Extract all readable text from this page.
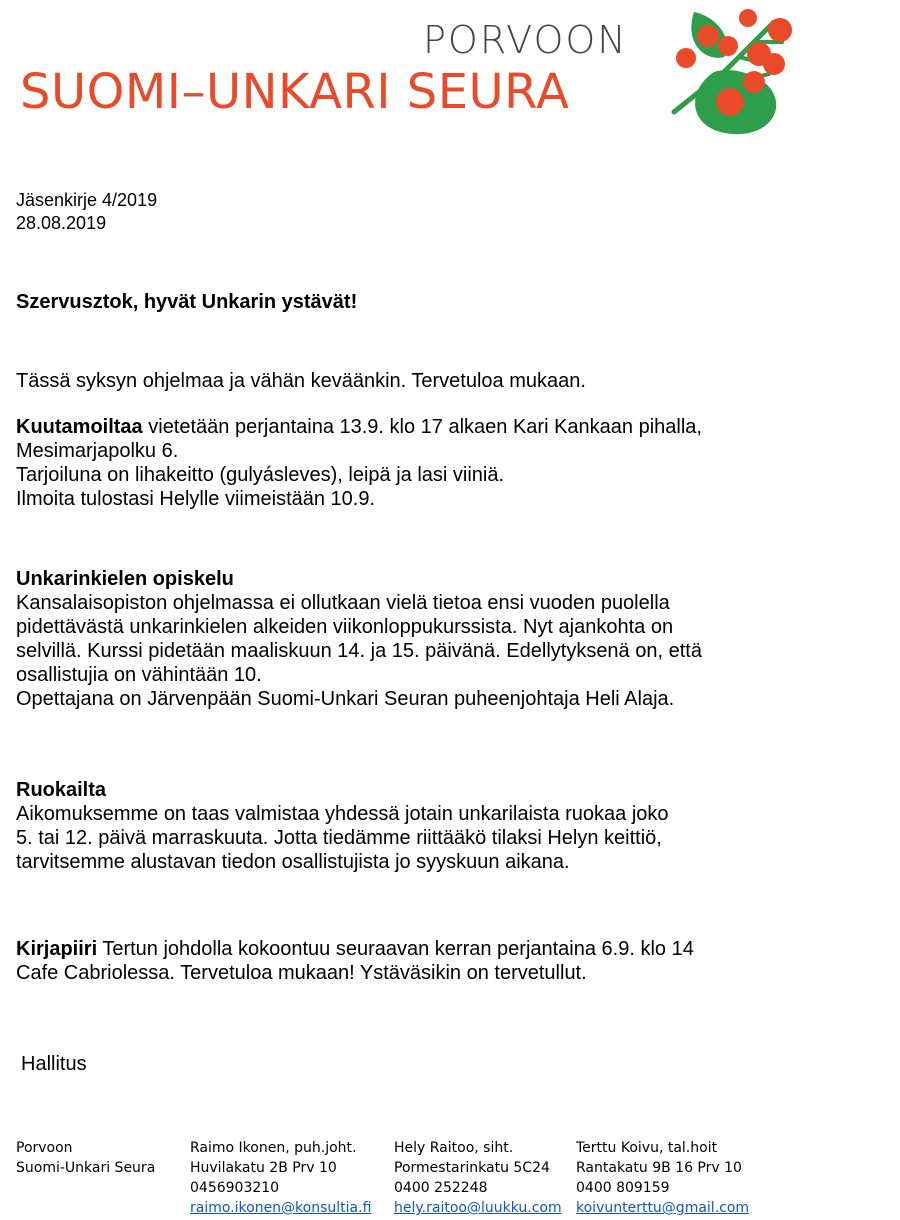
PORVOON
SUOMI–UNKARI SEURA
Jäsenkirje 4/2019
28.08.2019
Szervusztok, hyvät Unkarin ystävät!
Tässä syksyn ohjelmaa ja vähän keväänkin. Tervetuloa mukaan.
Kuutamoiltaa vietetään perjantaina 13.9. klo 17 alkaen Kari Kankaan pihalla,
Mesimarjapolku 6.
Tarjoiluna on lihakeitto (gulyásleves), leipä ja lasi viiniä.
Ilmoita tulostasi Helylle viimeistään 10.9.
Unkarinkielen opiskelu
Kansalaisopiston ohjelmassa ei ollutkaan vielä tietoa ensi vuoden puolella
pidettävästä unkarinkielen alkeiden viikonloppukurssista. Nyt ajankohta on
selvillä. Kurssi pidetään maaliskuun 14. ja 15. päivänä. Edellytyksenä on, että
osallistujia on vähintään 10.
Opettajana on Järvenpään Suomi-Unkari Seuran puheenjohtaja Heli Alaja.
Ruokailta
Aikomuksemme on taas valmistaa yhdessä jotain unkarilaista ruokaa joko
5. tai 12. päivä marraskuuta. Jotta tiedämme riittääkö tilaksi Helyn keittiö,
tarvitsemme alustavan tiedon osallistujista jo syyskuun aikana.
Kirjapiiri Tertun johdolla kokoontuu seuraavan kerran perjantaina 6.9. klo 14
Cafe Cabriolessa. Tervetuloa mukaan! Ystäväsikin on tervetullut.
Hallitus
Porvoon
Suomi-Unkari Seura
Raimo Ikonen, puh.joht.
Huvilakatu 2B Prv 10
0456903210
raimo.ikonen@konsultia.fi
Hely Raitoo, siht.
Pormestarinkatu 5C24
0400 252248
hely.raitoo@luukku.com
Terttu Koivu, tal.hoit
Rantakatu 9B 16 Prv 10
0400 809159
koivunterttu@gmail.com
